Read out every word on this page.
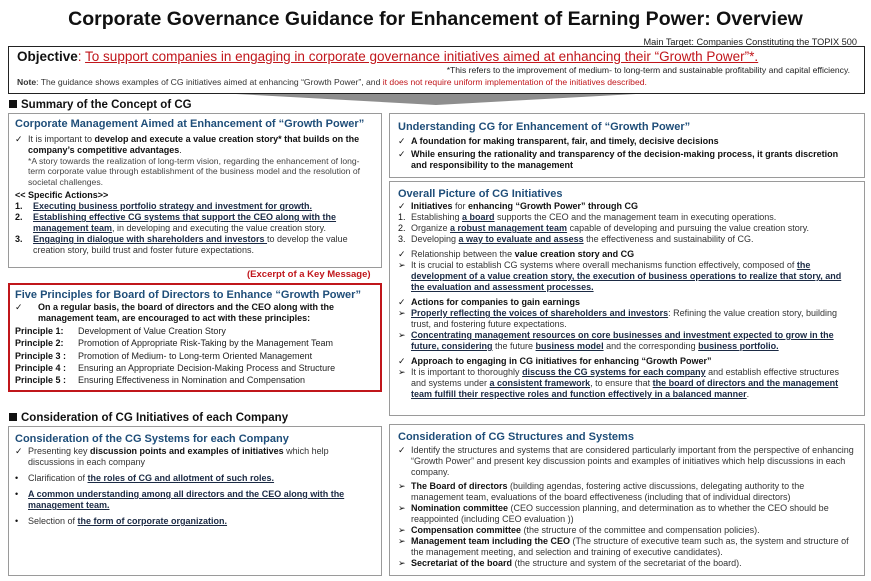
Corporate Governance Guidance for Enhancement of Earning Power: Overview
Main Target: Companies Constituting the TOPIX 500
Objective: To support companies in engaging in corporate governance initiatives aimed at enhancing their “Growth Power”*.
*This refers to the improvement of medium- to long-term and sustainable profitability and capital efficiency.
Note: The guidance shows examples of CG initiatives aimed at enhancing “Growth Power”, and it does not require uniform implementation of the initiatives described.
Summary of the Concept of CG
Corporate Management Aimed at Enhancement of “Growth Power”
✓ It is important to develop and execute a value creation story* that builds on the company’s competitive advantages.
*A story towards the realization of long-term vision, regarding the enhancement of long-term corporate value through establishment of the business model and the resolution of societal challenges.
<< Specific Actions>>
1.	Executing business portfolio strategy and investment for growth.
2.	Establishing effective CG systems that support the CEO along with the management team, in developing and executing the value creation story.
3.	Engaging in dialogue with shareholders and investors to develop the value creation story, build trust and foster future expectations.
(Excerpt of a Key Message)
Five Principles for Board of Directors to Enhance “Growth Power”
✓	On a regular basis, the board of directors and the CEO along with the management team, are encouraged to act with these principles:
Principle 1:	Development of Value Creation Story
Principle 2:	Promotion of Appropriate Risk-Taking by the Management Team
Principle 3 :	Promotion of Medium- to Long-term Oriented Management
Principle 4 :	Ensuring an Appropriate Decision-Making Process and Structure
Principle 5 :	Ensuring Effectiveness in Nomination and Compensation
Understanding CG for Enhancement of “Growth Power”
✓ A foundation for making transparent, fair, and timely, decisive decisions
✓ While ensuring the rationality and transparency of the decision-making process, it grants discretion and responsibility to the management
Overall Picture of CG Initiatives
✓ Initiatives for enhancing “Growth Power” through CG
1. Establishing a board supports the CEO and the management team in executing operations.
2. Organize a robust management team capable of developing and pursuing the value creation story.
3. Developing a way to evaluate and assess the effectiveness and sustainability of CG.
✓ Relationship between the value creation story and CG
➢ It is crucial to establish CG systems where overall mechanisms function effectively, composed of the development of a value creation story, the execution of business operations to realize that story, and the evaluation and assessment processes.
✓ Actions for companies to gain earnings
➢ Properly reflecting the voices of shareholders and investors: Refining the value creation story, building trust, and fostering future expectations.
➢ Concentrating management resources on core businesses and investment expected to grow in the future, considering the future business model and the corresponding business portfolio.
✓ Approach to engaging in CG initiatives for enhancing “Growth Power”
➢ It is important to thoroughly discuss the CG systems for each company and establish effective structures and systems under a consistent framework, to ensure that the board of directors and the management team fulfill their respective roles and function effectively in a balanced manner.
Consideration of CG Initiatives of each Company
Consideration of the CG Systems for each Company
✓ Presenting key discussion points and examples of initiatives which help discussions in each company
•	Clarification of the roles of CG and allotment of such roles.
•	A common understanding among all directors and the CEO along with the management team.
•	Selection of the form of corporate organization.
Consideration of CG Structures and Systems
✓ Identify the structures and systems that are considered particularly important from the perspective of enhancing “Growth Power” and present key discussion points and examples of initiatives which help discussions in each company.
➢ The Board of directors (building agendas, fostering active discussions, delegating authority to the management team, evaluations of the board effectiveness (including that of individual directors)
➢ Nomination committee (CEO succession planning, and determination as to whether the CEO should be reappointed (including CEO evaluation ))
➢ Compensation committee (the structure of the committee and compensation policies).
➢ Management team including the CEO (The structure of executive team such as, the system and structure of the management meeting, and selection and training of executive candidates).
➢ Secretariat of the board (the structure and system of the secretariat of the board).
